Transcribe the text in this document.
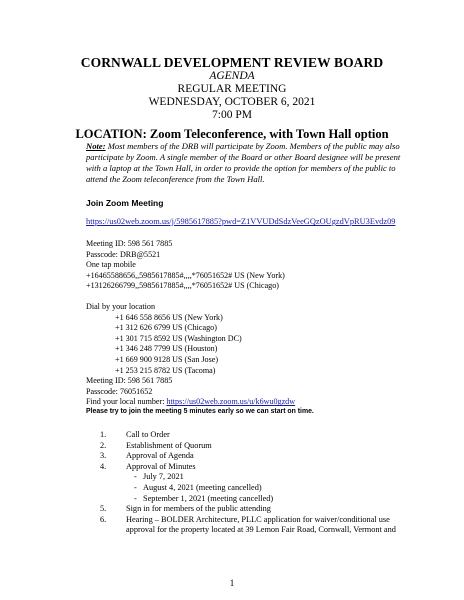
CORNWALL DEVELOPMENT REVIEW BOARD
AGENDA
REGULAR MEETING
WEDNESDAY, OCTOBER 6, 2021
7:00 PM
LOCATION: Zoom Teleconference, with Town Hall option
Note: Most members of the DRB will participate by Zoom. Members of the public may also participate by Zoom. A single member of the Board or other Board designee will be present with a laptop at the Town Hall, in order to provide the option for members of the public to attend the Zoom teleconference from the Town Hall.
Join Zoom Meeting
https://us02web.zoom.us/j/5985617885?pwd=Z1VVUDdSdzVeeGQzOUgzdVpRU3Evdz09
Meeting ID: 598 561 7885
Passcode: DRB@5521
One tap mobile
+16465588656,,5985617885#,,,,*76051652# US (New York)
+13126266799,,5985617885#,,,,*76051652# US (Chicago)
Dial by your location
+1 646 558 8656 US (New York)
+1 312 626 6799 US (Chicago)
+1 301 715 8592 US (Washington DC)
+1 346 248 7799 US (Houston)
+1 669 900 9128 US (San Jose)
+1 253 215 8782 US (Tacoma)
Meeting ID: 598 561 7885
Passcode: 76051652
Find your local number: https://us02web.zoom.us/u/k6wu0gzdw
Please try to join the meeting 5 minutes early so we can start on time.
1.	Call to Order
2.	Establishment of Quorum
3.	Approval of Agenda
4.	Approval of Minutes
- July 7, 2021
- August 4, 2021 (meeting cancelled)
- September 1, 2021 (meeting cancelled)
5.	Sign in for members of the public attending
6.	Hearing – BOLDER Architecture, PLLC application for waiver/conditional use approval for the property located at 39 Lemon Fair Road, Cornwall, Vermont and
1
